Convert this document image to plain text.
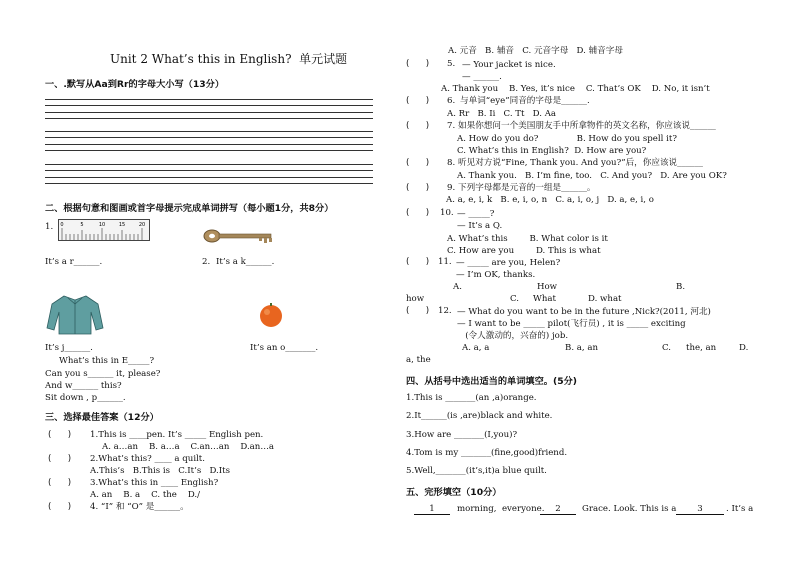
Unit 2 What’s this in English?  单元试题
一、.默写从Aa到Rr的字母大小写（13分）
二、根据句意和图画或首字母提示完成单词拼写（每小题1分，共8分）
1. 0	5	10	15	20
It’s a r______.	2. It’s a k______.
It’s j______.	It’s an o_______.
What’s this in E_____?
Can you s______ it, please?
And w______ this?
Sit down , p______.
三、选择最佳答案（12分）
(      ) 1.This is ____pen. It’s _____ English pen.
A. a…an    B. a…a    C.an…an    D.an…a
(      ) 2.What’s this? ____ a quilt.
A.This’s   B.This is   C.It’s   D.Its
(      ) 3.What’s this in ____ English?
A. an    B. a    C. the    D./
(      ) 4. “I” 和 “O” 是______。
A. 元音   B. 辅音   C. 元音字母   D. 辅音字母
(      ) 5. — Your jacket is nice.
— ______.
A. Thank you    B. Yes, it’s nice    C. That’s OK    D. No, it isn’t
(      ) 6. 与单词“eye”同音的字母是______.
A. Rr   B. Ii   C. Tt   D. Aa
(      ) 7. 如果你想问一个美国朋友手中所拿物件的英文名称，你应该说______
A. How do you do?              B. How do you spell it?
C. What’s this in English?  D. How are you?
(      ) 8. 听见对方说“Fine, Thank you. And you?”后，你应该说______
A. Thank you.   B. I’m fine, too.   C. And you?   D. Are you OK?
(      ) 9. 下列字母都是元音的一组是______。
A. a, e, i, k   B. e, i, o, n   C. a, i, o, j   D. a, e, i, o
(      ) 10. — _____?
— It’s a Q.
A. What’s this        B. What color is it
C. How are you        D. This is what
(      ) 11. — _____ are you, Helen?
— I’m OK, thanks.
A.	How	B.
how	C. What	D. what
(      ) 12. — What do you want to be in the future ,Nick?(2011, 河北)
— I want to be _____ pilot(飞行员) , it is _____ exciting
(令人激动的，兴奋的) job.
A. a, a	B. a, an	C. the, an	D.
a, the
四、从括号中选出适当的单词填空。(5分)
1.This is _______(an ,a)orange.
2.It______(is ,are)black and white.
3.How are _______(I,you)?
4.Tom is my _______(fine,good)friend.
5.Well,_______(it’s,it)a blue quilt.
五、完形填空（10分）
1	morning,  everyone.	2	Grace. Look. This is a	3	. It’s a
